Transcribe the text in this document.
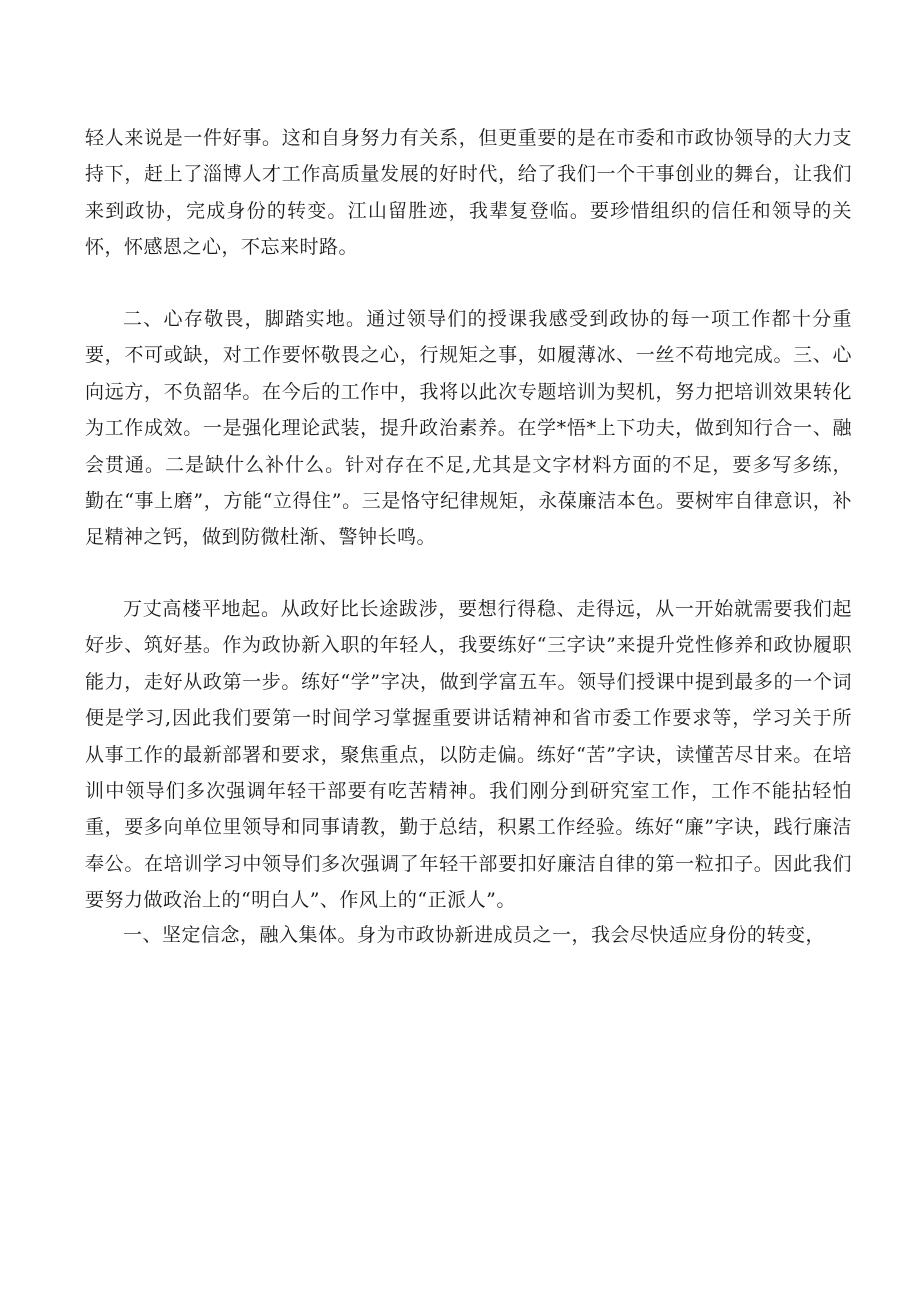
轻人来说是一件好事。这和自身努力有关系，但更重要的是在市委和市政协领导的大力支持下，赶上了淄博人才工作高质量发展的好时代，给了我们一个干事创业的舞台，让我们来到政协，完成身份的转变。江山留胜迹，我辈复登临。要珍惜组织的信任和领导的关怀，怀感恩之心，不忘来时路。

二、心存敬畏，脚踏实地。通过领导们的授课我感受到政协的每一项工作都十分重要，不可或缺，对工作要怀敬畏之心，行规矩之事，如履薄冰、一丝不苟地完成。三、心向远方，不负韶华。在今后的工作中，我将以此次专题培训为契机，努力把培训效果转化为工作成效。一是强化理论武装，提升政治素养。在学*悟*上下功夫，做到知行合一、融会贯通。二是缺什么补什么。针对存在不足,尤其是文字材料方面的不足，要多写多练，勤在“事上磨”，方能“立得住”。三是恪守纪律规矩，永葆廉洁本色。要树牢自律意识，补足精神之钙，做到防微杜渐、警钟长鸣。

万丈高楼平地起。从政好比长途跋涉，要想行得稳、走得远，从一开始就需要我们起好步、筑好基。作为政协新入职的年轻人，我要练好“三字诀”来提升党性修养和政协履职能力，走好从政第一步。练好“学”字决，做到学富五车。领导们授课中提到最多的一个词便是学习,因此我们要第一时间学习掌握重要讲话精神和省市委工作要求等，学习关于所从事工作的最新部署和要求，聚焦重点，以防走偏。练好“苦”字诀，读懂苦尽甘来。在培训中领导们多次强调年轻干部要有吃苦精神。我们刚分到研究室工作，工作不能拈轻怕重，要多向单位里领导和同事请教，勤于总结，积累工作经验。练好“廉”字诀，践行廉洁奉公。在培训学习中领导们多次强调了年轻干部要扣好廉洁自律的第一粒扣子。因此我们要努力做政治上的“明白人”、作风上的“正派人”。

一、坚定信念，融入集体。身为市政协新进成员之一，我会尽快适应身份的转变，
